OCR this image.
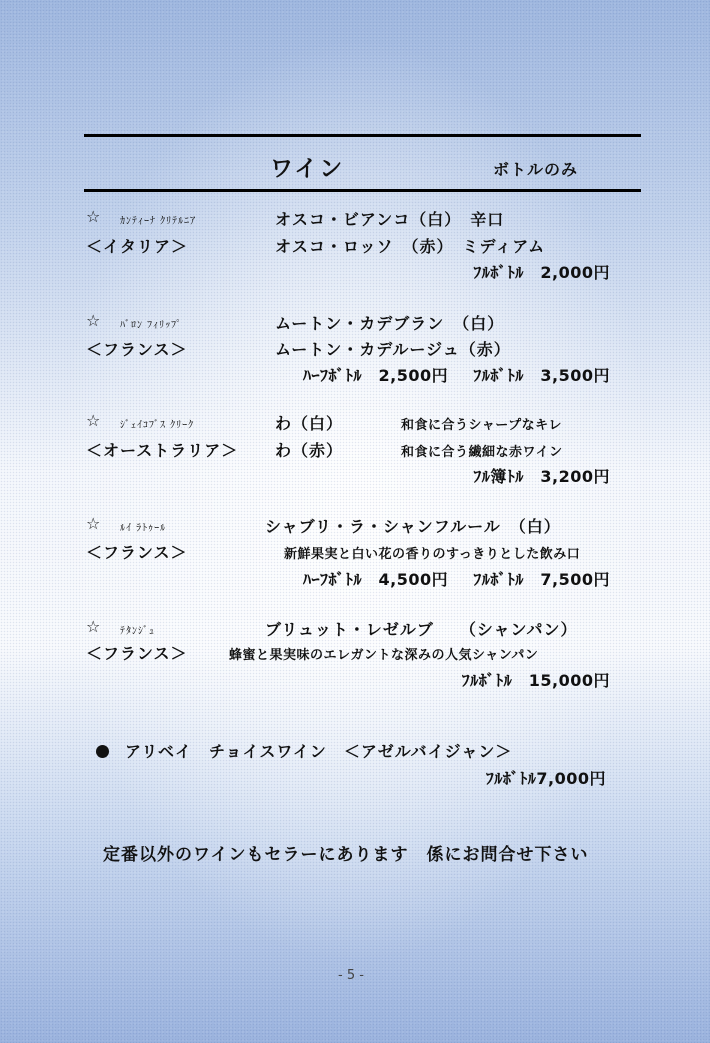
ワイン	ボトルのみ
☆ ｶﾝﾃｨｰﾅ ｸﾘﾃﾙﾆｱ	オスコ・ビアンコ（白）　辛口
＜イタリア＞	オスコ・ロッソ　（赤）　ミディアム
ﾌﾙﾎﾞﾄﾙ　2,000円
☆ ﾊﾞﾛﾝ ﾌｨﾘｯﾌﾟ	ムートン・カデブラン　（白）
＜フランス＞	ムートン・カデルージュ（赤）
ﾊｰﾌﾎﾞﾄﾙ　2,500円 ﾌﾙﾎﾞﾄﾙ　3,500円
☆ ｼﾞｪｲｺﾌﾞｽ ｸﾘｰｸ	わ（白）	和食に合うシャープなキレ
＜オーストラリア＞ わ（赤）	和食に合う繊細な赤ワイン
ﾌﾙ簿ﾄﾙ　3,200円
☆ ﾙｲ ﾗﾄｩｰﾙ	シャブリ・ラ・シャンフルール　（白）
＜フランス＞	新鮮果実と白い花の香りのすっきりとした飲み口
ﾊｰﾌﾎﾞﾄﾙ　4,500円 ﾌﾙﾎﾞﾄﾙ　7,500円
☆ ﾃﾀﾝｼﾞｭ	ブリュット・レゼルブ　　（シャンパン）
＜フランス＞	蜂蜜と果実味のエレガントな深みの人気シャンパン
ﾌﾙﾎﾞﾄﾙ　15,000円
アリベイ　チョイスワイン　＜アゼルバイジャン＞
ﾌﾙﾎﾞﾄﾙ7,000円
定番以外のワインもセラーにあります　係にお問合せ下さい
- 5 -
